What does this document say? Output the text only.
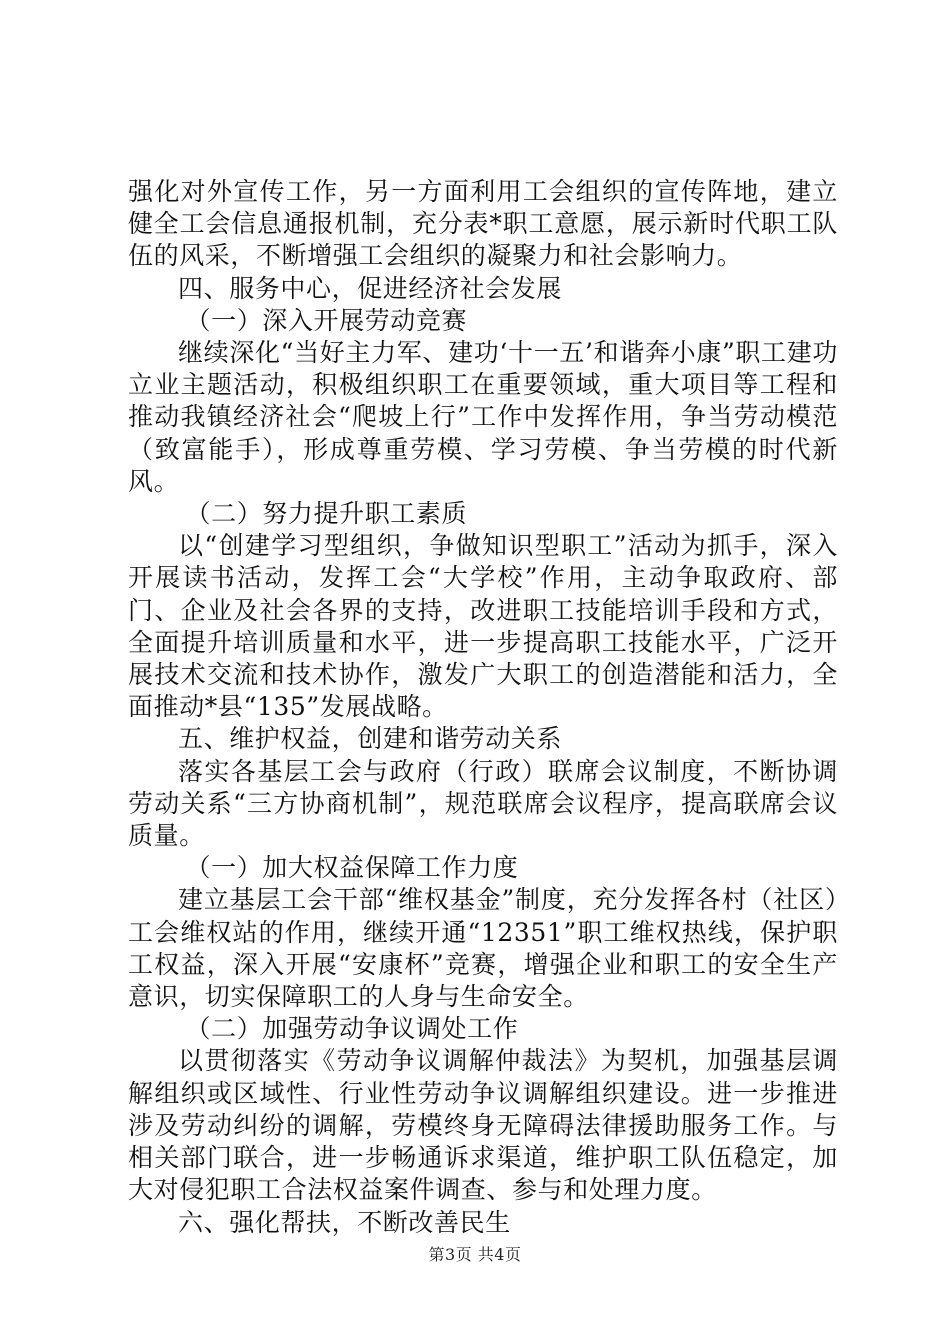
强化对外宣传工作，另一方面利用工会组织的宣传阵地，建立健全工会信息通报机制，充分表*职工意愿，展示新时代职工队伍的风采，不断增强工会组织的凝聚力和社会影响力。

四、服务中心，促进经济社会发展

（一）深入开展劳动竞赛

继续深化“当好主力军、建功‘十一五’和谐奔小康”职工建功立业主题活动，积极组织职工在重要领域，重大项目等工程和推动我镇经济社会“爬坡上行”工作中发挥作用，争当劳动模范（致富能手），形成尊重劳模、学习劳模、争当劳模的时代新风。

（二）努力提升职工素质

以“创建学习型组织，争做知识型职工”活动为抓手，深入开展读书活动，发挥工会“大学校”作用，主动争取政府、部门、企业及社会各界的支持，改进职工技能培训手段和方式，全面提升培训质量和水平，进一步提高职工技能水平，广泛开展技术交流和技术协作，激发广大职工的创造潜能和活力，全面推动*县“135”发展战略。

五、维护权益，创建和谐劳动关系

落实各基层工会与政府（行政）联席会议制度，不断协调劳动关系“三方协商机制”，规范联席会议程序，提高联席会议质量。

（一）加大权益保障工作力度

建立基层工会干部“维权基金”制度，充分发挥各村（社区）工会维权站的作用，继续开通“12351”职工维权热线，保护职工权益，深入开展“安康杯”竞赛，增强企业和职工的安全生产意识，切实保障职工的人身与生命安全。

（二）加强劳动争议调处工作

以贯彻落实《劳动争议调解仲裁法》为契机，加强基层调解组织或区域性、行业性劳动争议调解组织建设。进一步推进涉及劳动纠纷的调解，劳模终身无障碍法律援助服务工作。与相关部门联合，进一步畅通诉求渠道，维护职工队伍稳定，加大对侵犯职工合法权益案件调查、参与和处理力度。

六、强化帮扶，不断改善民生

第3页 共4页
